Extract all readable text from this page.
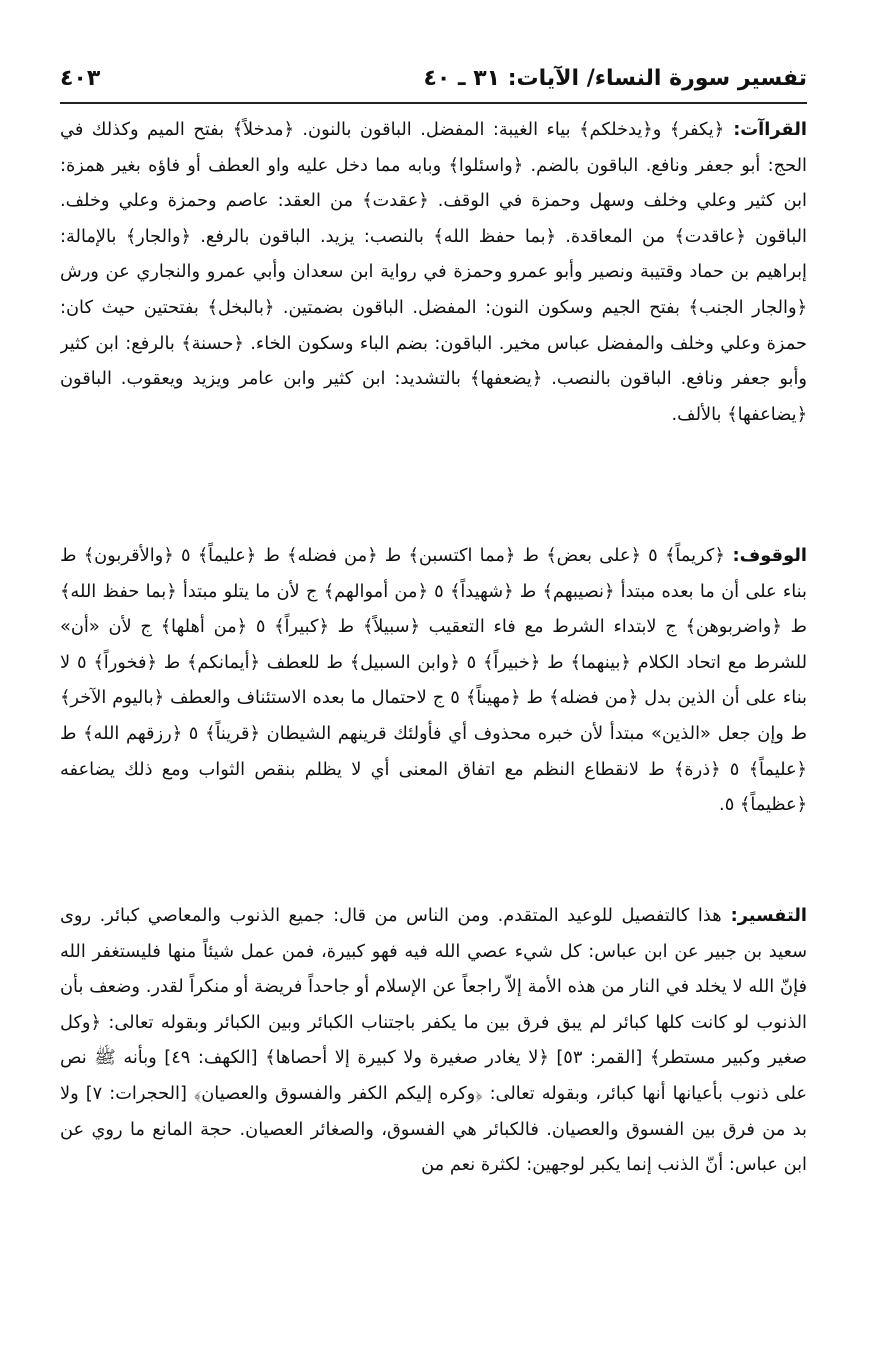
تفسير سورة النساء/ الآيات: ٣١ ـ ٤٠
٤٠٣
القراآت: ﴿يكفر﴾ و﴿يدخلكم﴾ بياء الغيبة: المفضل. الباقون بالنون. ﴿مدخلاً﴾ بفتح الميم وكذلك في الحج: أبو جعفر ونافع. الباقون بالضم. ﴿واسئلوا﴾ وبابه مما دخل عليه واو العطف أو فاؤه بغير همزة: ابن كثير وعلي وخلف وسهل وحمزة في الوقف. ﴿عقدت﴾ من العقد: عاصم وحمزة وعلي وخلف. الباقون ﴿عاقدت﴾ من المعاقدة. ﴿بما حفظ الله﴾ بالنصب: يزيد. الباقون بالرفع. ﴿والجار﴾ بالإمالة: إبراهيم بن حماد وقتيبة ونصير وأبو عمرو وحمزة في رواية ابن سعدان وأبي عمرو والنجاري عن ورش ﴿والجار الجنب﴾ بفتح الجيم وسكون النون: المفضل. الباقون بضمتين. ﴿بالبخل﴾ بفتحتين حيث كان: حمزة وعلي وخلف والمفضل عباس مخير. الباقون: بضم الباء وسكون الخاء. ﴿حسنة﴾ بالرفع: ابن كثير وأبو جعفر ونافع. الباقون بالنصب. ﴿يضعفها﴾ بالتشديد: ابن كثير وابن عامر ويزيد ويعقوب. الباقون ﴿يضاعفها﴾ بالألف.
الوقوف: ﴿كريماً﴾ ٥ ﴿على بعض﴾ ط ﴿مما اكتسبن﴾ ط ﴿من فضله﴾ ط ﴿عليماً﴾ ٥ ﴿والأقربون﴾ ط بناء على أن ما بعده مبتدأ ﴿نصيبهم﴾ ط ﴿شهيداً﴾ ٥ ﴿من أموالهم﴾ ج لأن ما يتلو مبتدأ ﴿بما حفظ الله﴾ ط ﴿واضربوهن﴾ ج لابتداء الشرط مع فاء التعقيب ﴿سبيلاً﴾ ط ﴿كبيراً﴾ ٥ ﴿من أهلها﴾ ج لأن «أن» للشرط مع اتحاد الكلام ﴿بينهما﴾ ط ﴿خبيراً﴾ ٥ ﴿وابن السبيل﴾ ط للعطف ﴿أيمانكم﴾ ط ﴿فخوراً﴾ ٥ لا بناء على أن الذين بدل ﴿من فضله﴾ ط ﴿مهيناً﴾ ٥ ج لاحتمال ما بعده الاستئناف والعطف ﴿باليوم الآخر﴾ ط وإن جعل «الذين» مبتدأ لأن خبره محذوف أي فأولئك قرينهم الشيطان ﴿قريناً﴾ ٥ ﴿رزقهم الله﴾ ط ﴿عليماً﴾ ٥ ﴿ذرة﴾ ط لانقطاع النظم مع اتفاق المعنى أي لا يظلم بنقص الثواب ومع ذلك يضاعفه ﴿عظيماً﴾ ٥.
التفسير: هذا كالتفصيل للوعيد المتقدم. ومن الناس من قال: جميع الذنوب والمعاصي كبائر. روى سعيد بن جبير عن ابن عباس: كل شيء عصي الله فيه فهو كبيرة، فمن عمل شيئاً منها فليستغفر الله فإنّ الله لا يخلد في النار من هذه الأمة إلاّ راجعاً عن الإسلام أو جاحداً فريضة أو منكراً لقدر. وضعف بأن الذنوب لو كانت كلها كبائر لم يبق فرق بين ما يكفر باجتناب الكبائر وبين الكبائر وبقوله تعالى: ﴿وكل صغير وكبير مستطر﴾ [القمر: ٥٣] ﴿لا يغادر صغيرة ولا كبيرة إلا أحصاها﴾ [الكهف: ٤٩] وبأنه ﷺ نص على ذنوب بأعيانها أنها كبائر، وبقوله تعالى: ﴿وكره إليكم الكفر والفسوق والعصيان﴾ [الحجرات: ٧] ولا بد من فرق بين الفسوق والعصيان. فالكبائر هي الفسوق، والصغائر العصيان. حجة المانع ما روي عن ابن عباس: أنّ الذنب إنما يكبر لوجهين: لكثرة نعم من
